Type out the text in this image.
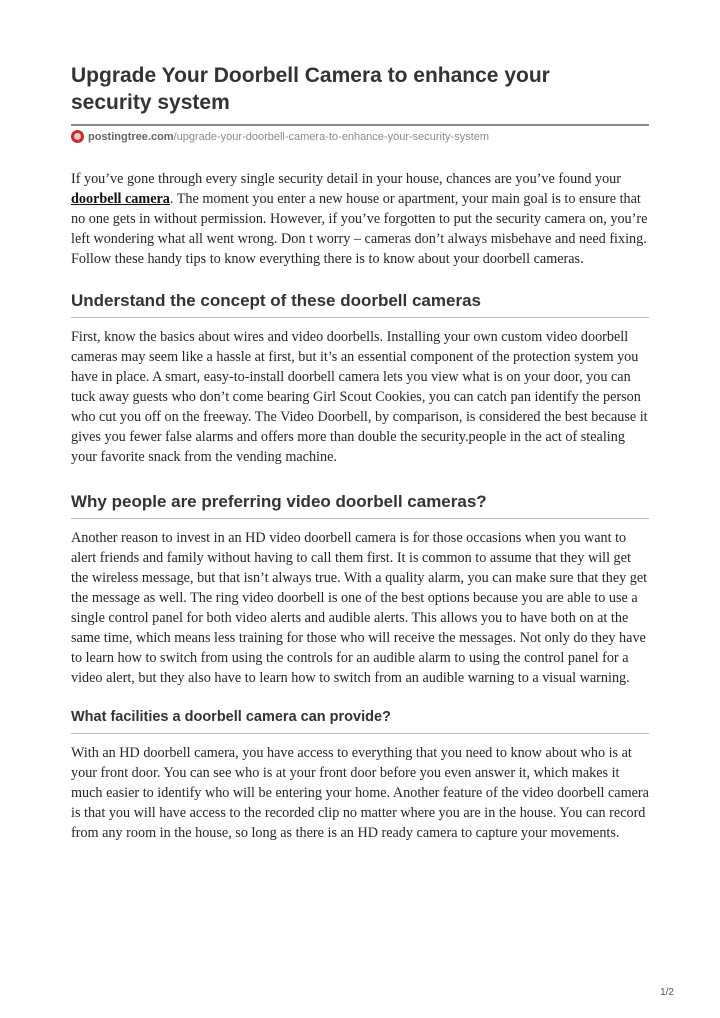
Upgrade Your Doorbell Camera to enhance your security system
postingtree.com/upgrade-your-doorbell-camera-to-enhance-your-security-system

If you’ve gone through every single security detail in your house, chances are you’ve found your doorbell camera. The moment you enter a new house or apartment, your main goal is to ensure that no one gets in without permission. However, if you’ve forgotten to put the security camera on, you’re left wondering what all went wrong. Don t worry – cameras don’t always misbehave and need fixing. Follow these handy tips to know everything there is to know about your doorbell cameras.

Understand the concept of these doorbell cameras

First, know the basics about wires and video doorbells. Installing your own custom video doorbell cameras may seem like a hassle at first, but it’s an essential component of the protection system you have in place. A smart, easy-to-install doorbell camera lets you view what is on your door, you can tuck away guests who don’t come bearing Girl Scout Cookies, you can catch pan identify the person who cut you off on the freeway. The Video Doorbell, by comparison, is considered the best because it gives you fewer false alarms and offers more than double the security.people in the act of stealing your favorite snack from the vending machine.

Why people are preferring video doorbell cameras?

Another reason to invest in an HD video doorbell camera is for those occasions when you want to alert friends and family without having to call them first. It is common to assume that they will get the wireless message, but that isn’t always true. With a quality alarm, you can make sure that they get the message as well. The ring video doorbell is one of the best options because you are able to use a single control panel for both video alerts and audible alerts. This allows you to have both on at the same time, which means less training for those who will receive the messages. Not only do they have to learn how to switch from using the controls for an audible alarm to using the control panel for a video alert, but they also have to learn how to switch from an audible warning to a visual warning.

What facilities a doorbell camera can provide?

With an HD doorbell camera, you have access to everything that you need to know about who is at your front door. You can see who is at your front door before you even answer it, which makes it much easier to identify who will be entering your home. Another feature of the video doorbell camera is that you will have access to the recorded clip no matter where you are in the house. You can record from any room in the house, so long as there is an HD ready camera to capture your movements.

1/2
